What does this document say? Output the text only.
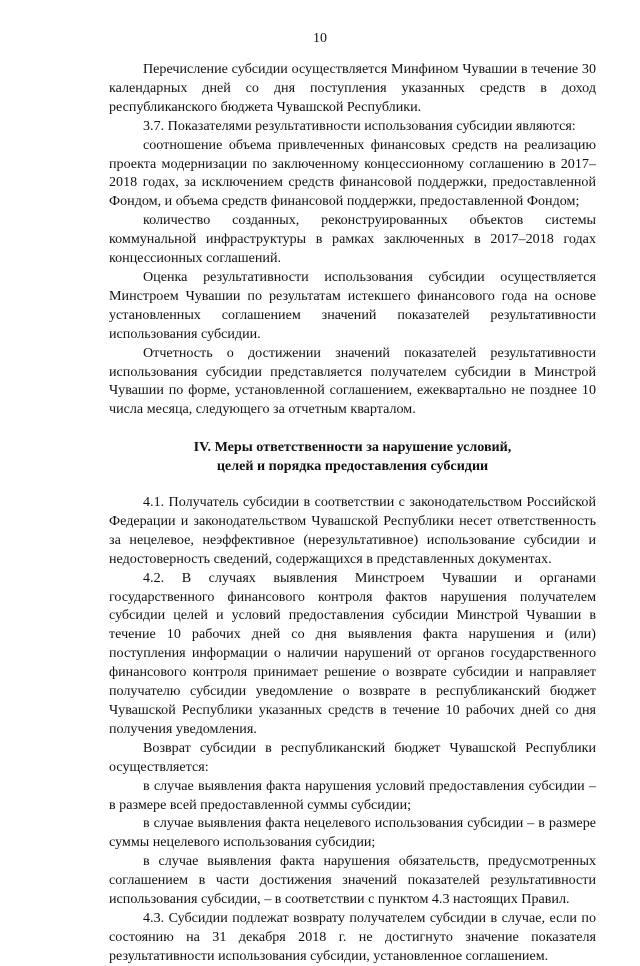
10

Перечисление субсидии осуществляется Минфином Чувашии в течение 30 календарных дней со дня поступления указанных средств в доход республиканского бюджета Чувашской Республики.

3.7. Показателями результативности использования субсидии являются:

соотношение объема привлеченных финансовых средств на реализацию проекта модернизации по заключенному концессионному соглашению в 2017–2018 годах, за исключением средств финансовой поддержки, предоставленной Фондом, и объема средств финансовой поддержки, предоставленной Фондом;

количество созданных, реконструированных объектов системы коммунальной инфраструктуры в рамках заключенных в 2017–2018 годах концессионных соглашений.

Оценка результативности использования субсидии осуществляется Минстроем Чувашии по результатам истекшего финансового года на основе установленных соглашением значений показателей результативности использования субсидии.

Отчетность о достижении значений показателей результативности использования субсидии представляется получателем субсидии в Минстрой Чувашии по форме, установленной соглашением, ежеквартально не позднее 10 числа месяца, следующего за отчетным кварталом.

IV. Меры ответственности за нарушение условий,
целей и порядка предоставления субсидии

4.1. Получатель субсидии в соответствии с законодательством Российской Федерации и законодательством Чувашской Республики несет ответственность за нецелевое, неэффективное (нерезультативное) использование субсидии и недостоверность сведений, содержащихся в представленных документах.

4.2. В случаях выявления Минстроем Чувашии и органами государственного финансового контроля фактов нарушения получателем субсидии целей и условий предоставления субсидии Минстрой Чувашии в течение 10 рабочих дней со дня выявления факта нарушения и (или) поступления информации о наличии нарушений от органов государственного финансового контроля принимает решение о возврате субсидии и направляет получателю субсидии уведомление о возврате в республиканский бюджет Чувашской Республики указанных средств в течение 10 рабочих дней со дня получения уведомления.

Возврат субсидии в республиканский бюджет Чувашской Республики осуществляется:

в случае выявления факта нарушения условий предоставления субсидии – в размере всей предоставленной суммы субсидии;

в случае выявления факта нецелевого использования субсидии – в размере суммы нецелевого использования субсидии;

в случае выявления факта нарушения обязательств, предусмотренных соглашением в части достижения значений показателей результативности использования субсидии, – в соответствии с пунктом 4.3 настоящих Правил.

4.3. Субсидии подлежат возврату получателем субсидии в случае, если по состоянию на 31 декабря 2018 г. не достигнуто значение показателя результативности использования субсидии, установленное соглашением.
